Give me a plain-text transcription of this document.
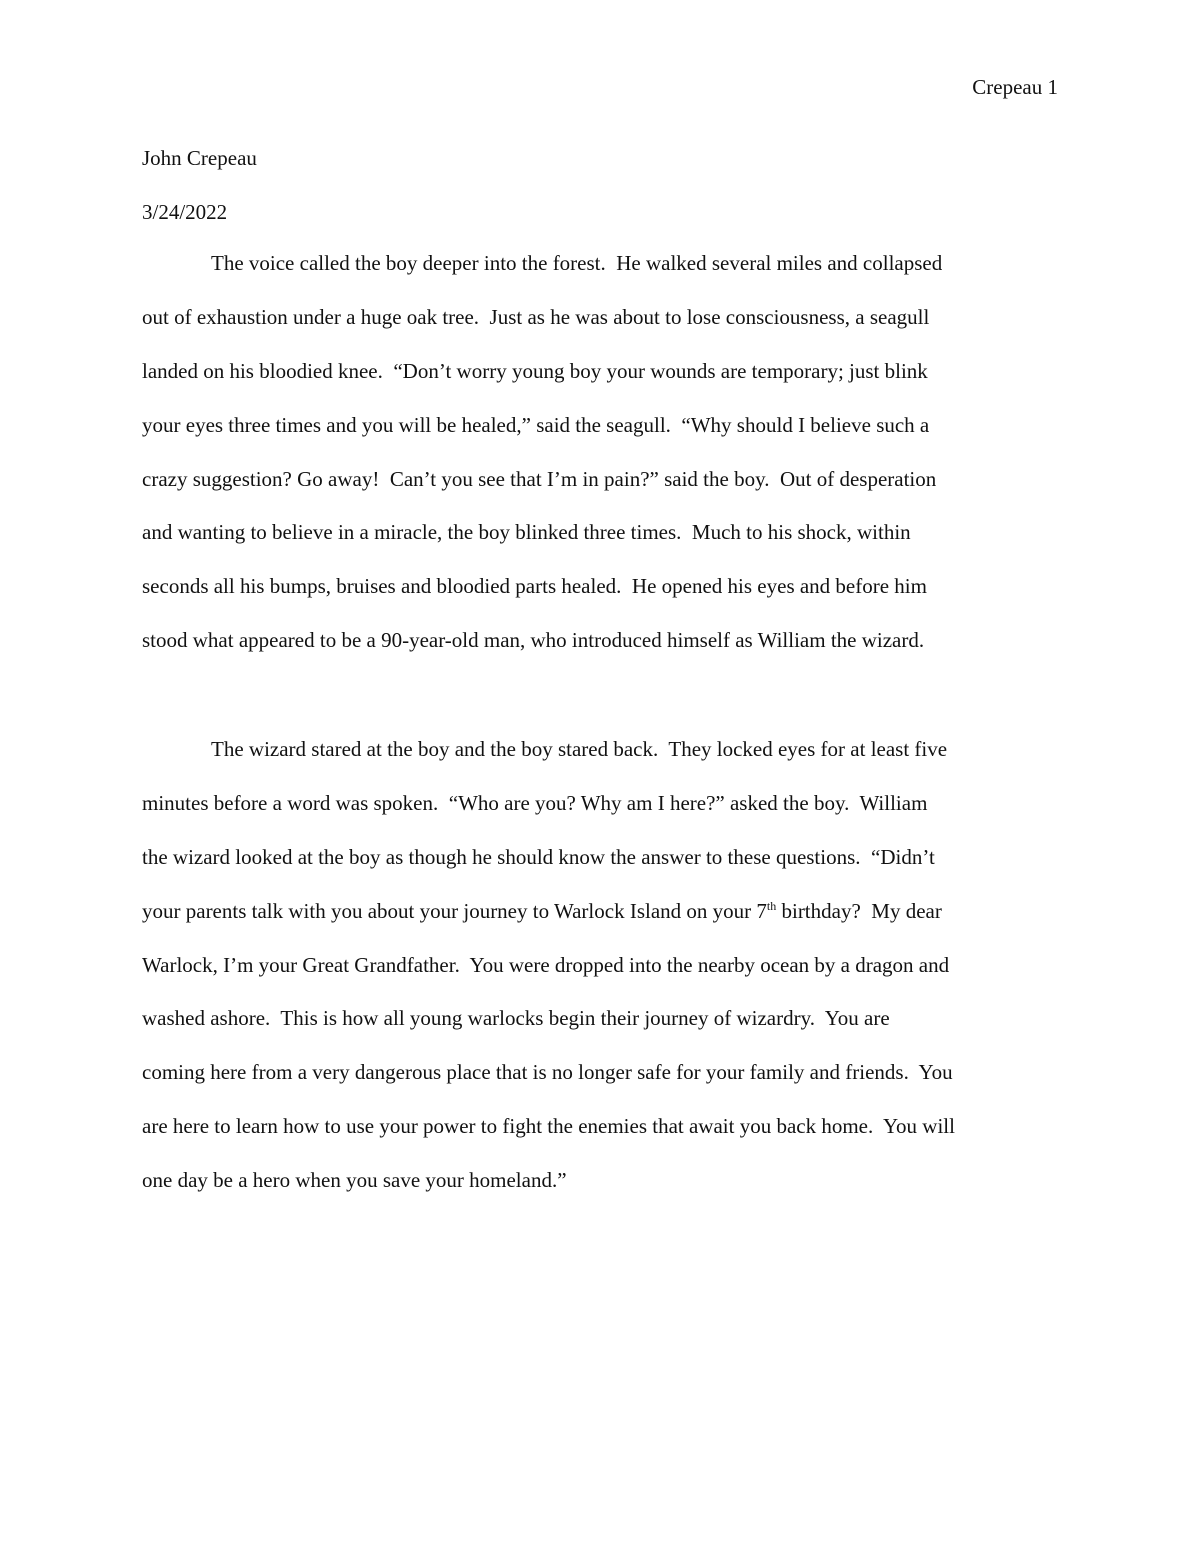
Crepeau 1
John Crepeau
3/24/2022

The voice called the boy deeper into the forest.  He walked several miles and collapsed
out of exhaustion under a huge oak tree.  Just as he was about to lose consciousness, a seagull
landed on his bloodied knee.  “Don’t worry young boy your wounds are temporary; just blink
your eyes three times and you will be healed,” said the seagull.  “Why should I believe such a
crazy suggestion? Go away!  Can’t you see that I’m in pain?” said the boy.  Out of desperation
and wanting to believe in a miracle, the boy blinked three times.  Much to his shock, within
seconds all his bumps, bruises and bloodied parts healed.  He opened his eyes and before him
stood what appeared to be a 90-year-old man, who introduced himself as William the wizard.

The wizard stared at the boy and the boy stared back.  They locked eyes for at least five
minutes before a word was spoken.  “Who are you? Why am I here?” asked the boy.  William
the wizard looked at the boy as though he should know the answer to these questions.  “Didn’t
your parents talk with you about your journey to Warlock Island on your 7th birthday?  My dear
Warlock, I’m your Great Grandfather.  You were dropped into the nearby ocean by a dragon and
washed ashore.  This is how all young warlocks begin their journey of wizardry.  You are
coming here from a very dangerous place that is no longer safe for your family and friends.  You
are here to learn how to use your power to fight the enemies that await you back home.  You will
one day be a hero when you save your homeland.”
